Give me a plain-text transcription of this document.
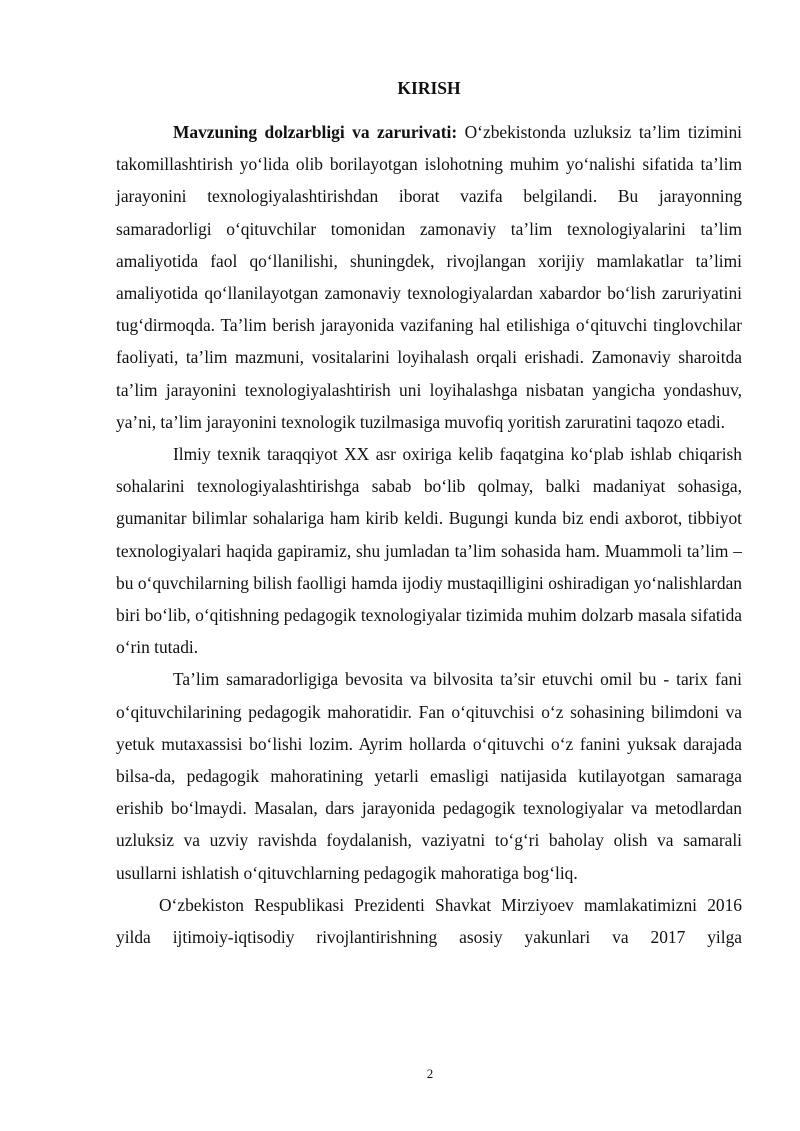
KIRISH

Mavzuning dolzarbligi va zarurivati: O‘zbekistonda uzluksiz ta’lim tizimini takomillashtirish yo‘lida olib borilayotgan islohotning muhim yo‘nalishi sifatida ta’lim jarayonini texnologiyalashtirishdan iborat vazifa belgilandi. Bu jarayonning samaradorligi o‘qituvchilar tomonidan zamonaviy ta’lim texnologiyalarini ta’lim amaliyotida faol qo‘llanilishi, shuningdek, rivojlangan xorijiy mamlakatlar ta’limi amaliyotida qo‘llanilayotgan zamonaviy texnologiyalardan xabardor bo‘lish zaruriyatini tug‘dirmoqda. Ta’lim berish jarayonida vazifaning hal etilishiga o‘qituvchi tinglovchilar faoliyati, ta’lim mazmuni, vositalarini loyihalash orqali erishadi. Zamonaviy sharoitda ta’lim jarayonini texnologiyalashtirish uni loyihalashga nisbatan yangicha yondashuv, ya’ni, ta’lim jarayonini texnologik tuzilmasiga muvofiq yoritish zaruratini taqozo etadi.

Ilmiy texnik taraqqiyot XX asr oxiriga kelib faqatgina ko‘plab ishlab chiqarish sohalarini texnologiyalashtirishga sabab bo‘lib qolmay, balki madaniyat sohasiga, gumanitar bilimlar sohalariga ham kirib keldi. Bugungi kunda biz endi axborot, tibbiyot texnologiyalari haqida gapiramiz, shu jumladan ta’lim sohasida ham. Muammoli ta’lim – bu o‘quvchilarning bilish faolligi hamda ijodiy mustaqilligini oshiradigan yo‘nalishlardan biri bo‘lib, o‘qitishning pedagogik texnologiyalar tizimida muhim dolzarb masala sifatida o‘rin tutadi.

Ta’lim samaradorligiga bevosita va bilvosita ta’sir etuvchi omil bu - tarix fani o‘qituvchilarining pedagogik mahoratidir. Fan o‘qituvchisi o‘z sohasining bilimdoni va yetuk mutaxassisi bo‘lishi lozim. Ayrim hollarda o‘qituvchi o‘z fanini yuksak darajada bilsa-da, pedagogik mahoratining yetarli emasligi natijasida kutilayotgan samaraga erishib bo‘lmaydi. Masalan, dars jarayonida pedagogik texnologiyalar va metodlardan uzluksiz va uzviy ravishda foydalanish, vaziyatni to‘g‘ri baholay olish va samarali usullarni ishlatish o‘qituvchlarning pedagogik mahoratiga bog‘liq.

O‘zbekiston Respublikasi Prezidenti Shavkat Mirziyoev mamlakatimizni 2016 yilda ijtimoiy-iqtisodiy rivojlantirishning asosiy yakunlari va 2017 yilga

2
